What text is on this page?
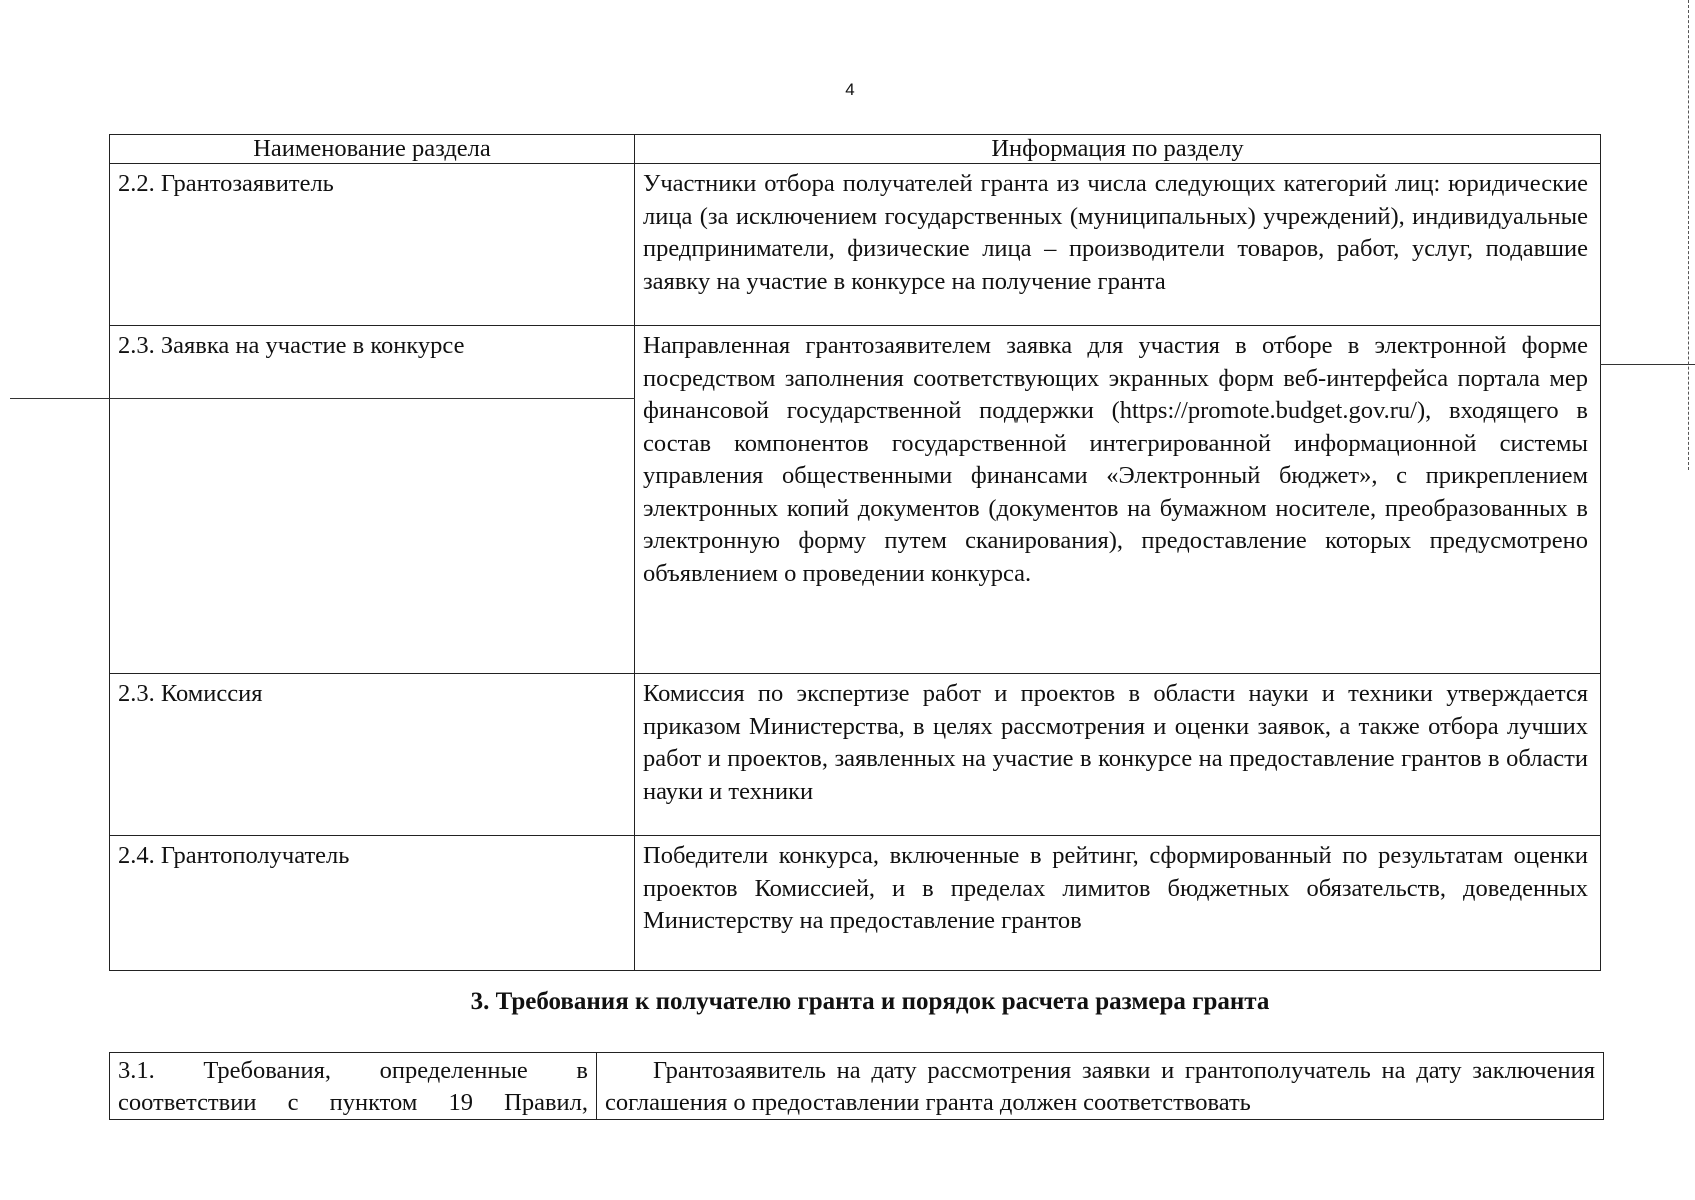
4
Наименование раздела	Информация по разделу
2.2. Грантозаявитель	Участники отбора получателей гранта из числа следующих категорий лиц: юридические лица (за исключением государственных (муниципальных) учреждений), индивидуальные предприниматели, физические лица – производители товаров, работ, услуг, подавшие заявку на участие в конкурсе на получение гранта
2.3. Заявка на участие в конкурсе	Направленная грантозаявителем заявка для участия в отборе в электронной форме посредством заполнения соответствующих экранных форм веб-интерфейса портала мер финансовой государственной поддержки (https://promote.budget.gov.ru/), входящего в состав компонентов государственной интегрированной информационной системы управления общественными финансами «Электронный бюджет», с прикреплением электронных копий документов (документов на бумажном носителе, преобразованных в электронную форму путем сканирования), предоставление которых предусмотрено объявлением о проведении конкурса.
2.3. Комиссия	Комиссия по экспертизе работ и проектов в области науки и техники утверждается приказом Министерства, в целях рассмотрения и оценки заявок, а также отбора лучших работ и проектов, заявленных на участие в конкурсе на предоставление грантов в области науки и техники
2.4. Грантополучатель	Победители конкурса, включенные в рейтинг, сформированный по результатам оценки проектов Комиссией, и в пределах лимитов бюджетных обязательств, доведенных Министерству на предоставление грантов
3. Требования к получателю гранта и порядок расчета размера гранта
3.1. Требования, определенные в соответствии с пунктом 19 Правил,	Грантозаявитель на дату рассмотрения заявки и грантополучатель на дату заключения соглашения о предоставлении гранта должен соответствовать
